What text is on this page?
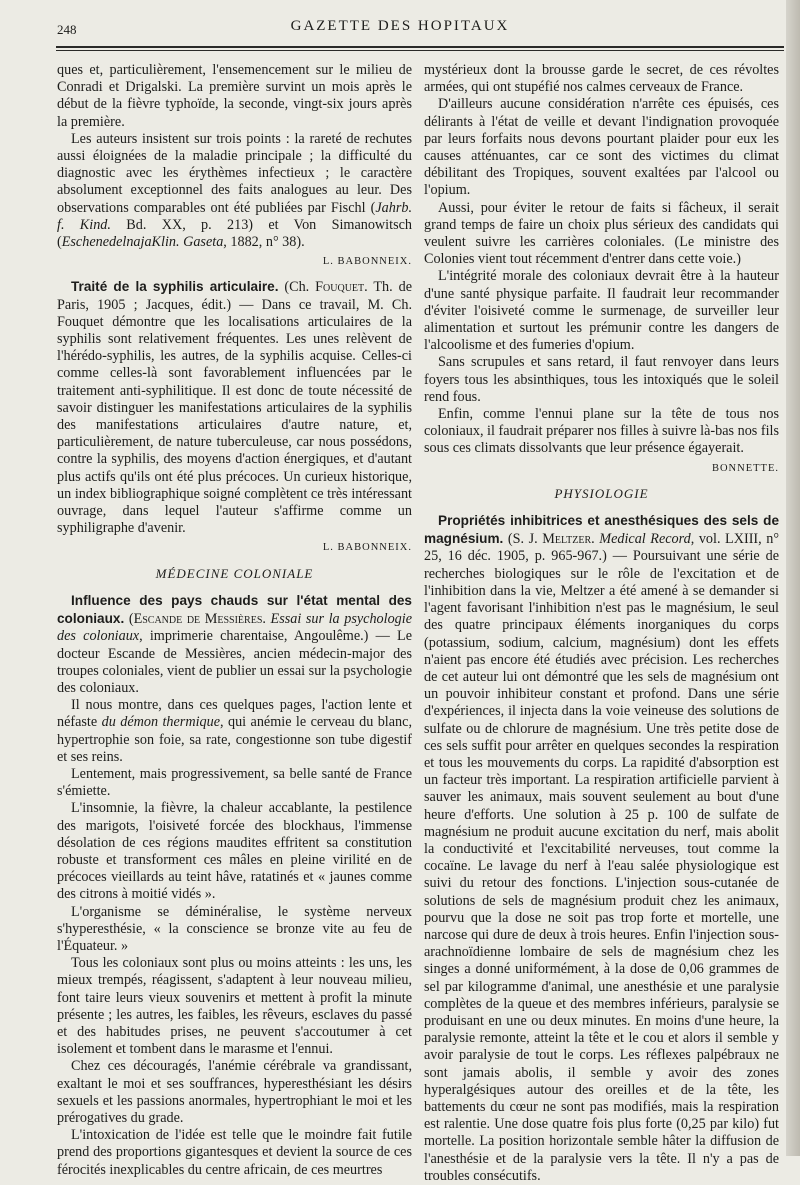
248	GAZETTE DES HOPITAUX

ques et, particulièrement, l'ensemencement sur le milieu de Conradi et Drigalski. La première survint un mois après le début de la fièvre typhoïde, la seconde, vingt-six jours après la première.

Les auteurs insistent sur trois points : la rareté de rechutes aussi éloignées de la maladie principale ; la difficulté du diagnostic avec les érythèmes infectieux ; le caractère absolument exceptionnel des faits analogues au leur. Des observations comparables ont été publiées par Fischl (Jahrb. f. Kind. Bd. XX, p. 213) et Von Simanowitsch (EschenedelnajaKlin. Gaseta, 1882, n° 38).

L. BABONNEIX.

Traité de la syphilis articulaire. (Ch. Fouquet. Th. de Paris, 1905 ; Jacques, édit.) — Dans ce travail, M. Ch. Fouquet démontre que les localisations articulaires de la syphilis sont relativement fréquentes. Les unes relèvent de l'hérédo-syphilis, les autres, de la syphilis acquise. Celles-ci comme celles-là sont favorablement influencées par le traitement anti-syphilitique. Il est donc de toute nécessité de savoir distinguer les manifestations articulaires de la syphilis des manifestations articulaires d'autre nature, et, particulièrement, de nature tuberculeuse, car nous possédons, contre la syphilis, des moyens d'action énergiques, et d'autant plus actifs qu'ils ont été plus précoces. Un curieux historique, un index bibliographique soigné complètent ce très intéressant ouvrage, dans lequel l'auteur s'affirme comme un syphiligraphe d'avenir.

L. BABONNEIX.
MÉDECINE COLONIALE

Influence des pays chauds sur l'état mental des coloniaux. (Escande de Messières. Essai sur la psychologie des coloniaux, imprimerie charentaise, Angoulême.) — Le docteur Escande de Messières, ancien médecin-major des troupes coloniales, vient de publier un essai sur la psychologie des coloniaux.

Il nous montre, dans ces quelques pages, l'action lente et néfaste du démon thermique, qui anémie le cerveau du blanc, hypertrophie son foie, sa rate, congestionne son tube digestif et ses reins.

Lentement, mais progressivement, sa belle santé de France s'émiette.

L'insomnie, la fièvre, la chaleur accablante, la pestilence des marigots, l'oisiveté forcée des blockhaus, l'immense désolation de ces régions maudites effritent sa constitution robuste et transforment ces mâles en pleine virilité en de précoces vieillards au teint hâve, ratatinés et « jaunes comme des citrons à moitié vidés ».

L'organisme se déminéralise, le système nerveux s'hyperesthésie, « la conscience se bronze vite au feu de l'Équateur. »

Tous les coloniaux sont plus ou moins atteints : les uns, les mieux trempés, réagissent, s'adaptent à leur nouveau milieu, font taire leurs vieux souvenirs et mettent à profit la minute présente ; les autres, les faibles, les rêveurs, esclaves du passé et des habitudes prises, ne peuvent s'accoutumer à cet isolement et tombent dans le marasme et l'ennui.

Chez ces découragés, l'anémie cérébrale va grandissant, exaltant le moi et ses souffrances, hyperesthésiant les désirs sexuels et les passions anormales, hypertrophiant le moi et les prérogatives du grade.

L'intoxication de l'idée est telle que le moindre fait futile prend des proportions gigantesques et devient la source de ces férocités inexplicables du centre africain, de ces meurtres

mystérieux dont la brousse garde le secret, de ces révoltes armées, qui ont stupéfié nos calmes cerveaux de France.

D'ailleurs aucune considération n'arrête ces épuisés, ces délirants à l'état de veille et devant l'indignation provoquée par leurs forfaits nous devons pourtant plaider pour eux les causes atténuantes, car ce sont des victimes du climat débilitant des Tropiques, souvent exaltées par l'alcool ou l'opium.

Aussi, pour éviter le retour de faits si fâcheux, il serait grand temps de faire un choix plus sérieux des candidats qui veulent suivre les carrières coloniales. (Le ministre des Colonies vient tout récemment d'entrer dans cette voie.)

L'intégrité morale des coloniaux devrait être à la hauteur d'une santé physique parfaite. Il faudrait leur recommander d'éviter l'oisiveté comme le surmenage, de surveiller leur alimentation et surtout les prémunir contre les dangers de l'alcoolisme et des fumeries d'opium.

Sans scrupules et sans retard, il faut renvoyer dans leurs foyers tous les absinthiques, tous les intoxiqués que le soleil rend fous.

Enfin, comme l'ennui plane sur la tête de tous nos coloniaux, il faudrait préparer nos filles à suivre là-bas nos fils sous ces climats dissolvants que leur présence égayerait.

BONNETTE.
PHYSIOLOGIE

Propriétés inhibitrices et anesthésiques des sels de magnésium. (S. J. Meltzer. Medical Record, vol. LXIII, n° 25, 16 déc. 1905, p. 965-967.) — Poursuivant une série de recherches biologiques sur le rôle de l'excitation et de l'inhibition dans la vie, Meltzer a été amené à se demander si l'agent favorisant l'inhibition n'est pas le magnésium, le seul des quatre principaux éléments inorganiques du corps (potassium, sodium, calcium, magnésium) dont les effets n'aient pas encore été étudiés avec précision. Les recherches de cet auteur lui ont démontré que les sels de magnésium ont un pouvoir inhibiteur constant et profond. Dans une série d'expériences, il injecta dans la voie veineuse des solutions de sulfate ou de chlorure de magnésium. Une très petite dose de ces sels suffit pour arrêter en quelques secondes la respiration et tous les mouvements du corps. La rapidité d'absorption est un facteur très important. La respiration artificielle parvient à sauver les animaux, mais souvent seulement au bout d'une heure d'efforts. Une solution à 25 p. 100 de sulfate de magnésium ne produit aucune excitation du nerf, mais abolit la conductivité et l'excitabilité nerveuses, tout comme la cocaïne. Le lavage du nerf à l'eau salée physiologique est suivi du retour des fonctions. L'injection sous-cutanée de solutions de sels de magnésium produit chez les animaux, pourvu que la dose ne soit pas trop forte et mortelle, une narcose qui dure de deux à trois heures. Enfin l'injection sous-arachnoïdienne lombaire de sels de magnésium chez les singes a donné uniformément, à la dose de 0,06 grammes de sel par kilogramme d'animal, une anesthésie et une paralysie complètes de la queue et des membres inférieurs, paralysie se produisant en une ou deux minutes. En moins d'une heure, la paralysie remonte, atteint la tête et le cou et alors il semble y avoir paralysie de tout le corps. Les réflexes palpébraux ne sont jamais abolis, il semble y avoir des zones hyperalgésiques autour des oreilles et de la tête, les battements du cœur ne sont pas modifiés, mais la respiration est ralentie. Une dose quatre fois plus forte (0,25 par kilo) fut mortelle. La position horizontale semble hâter la diffusion de l'anesthésie et de la paralysie vers la tête. Il n'y a pas de troubles consécutifs.
